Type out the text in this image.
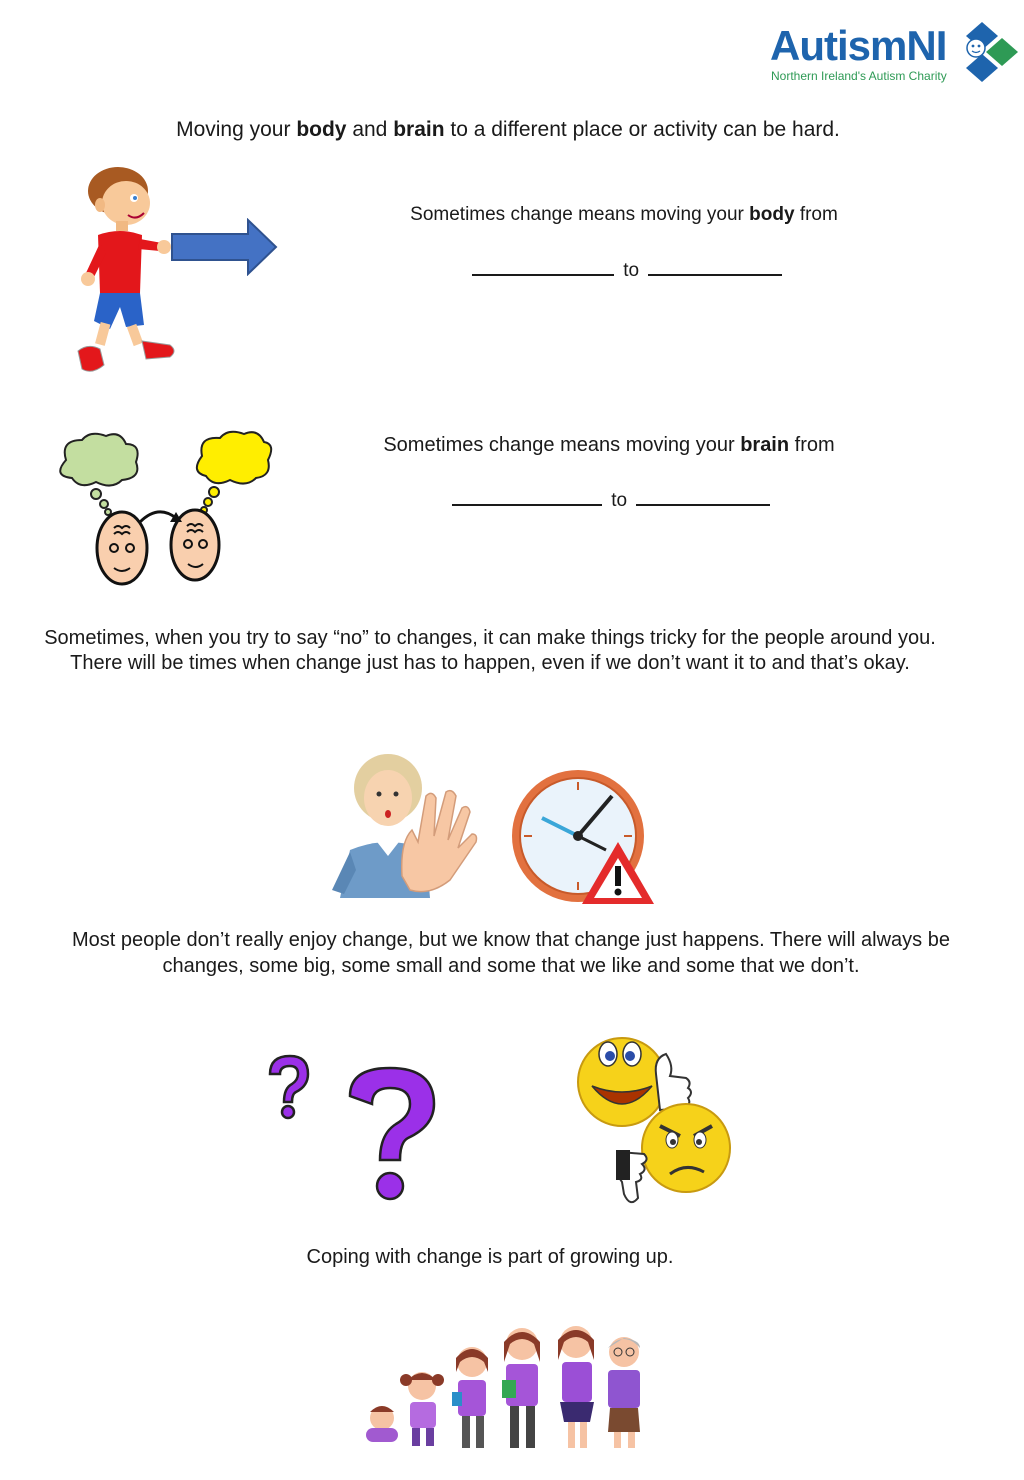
AutismNI
Northern Ireland's Autism Charity
Moving your body and brain to a different place or activity can be hard.
Sometimes change means moving your body from
to
Sometimes change means moving your brain from
to
Sometimes, when you try to say “no” to changes, it can make things tricky for the people around you.
There will be times when change just has to happen, even if we don’t want it to and that’s okay.
Most people don’t really enjoy change, but we know that change just happens. There will always be
changes, some big, some small and some that we like and some that we don’t.
Coping with change is part of growing up.
